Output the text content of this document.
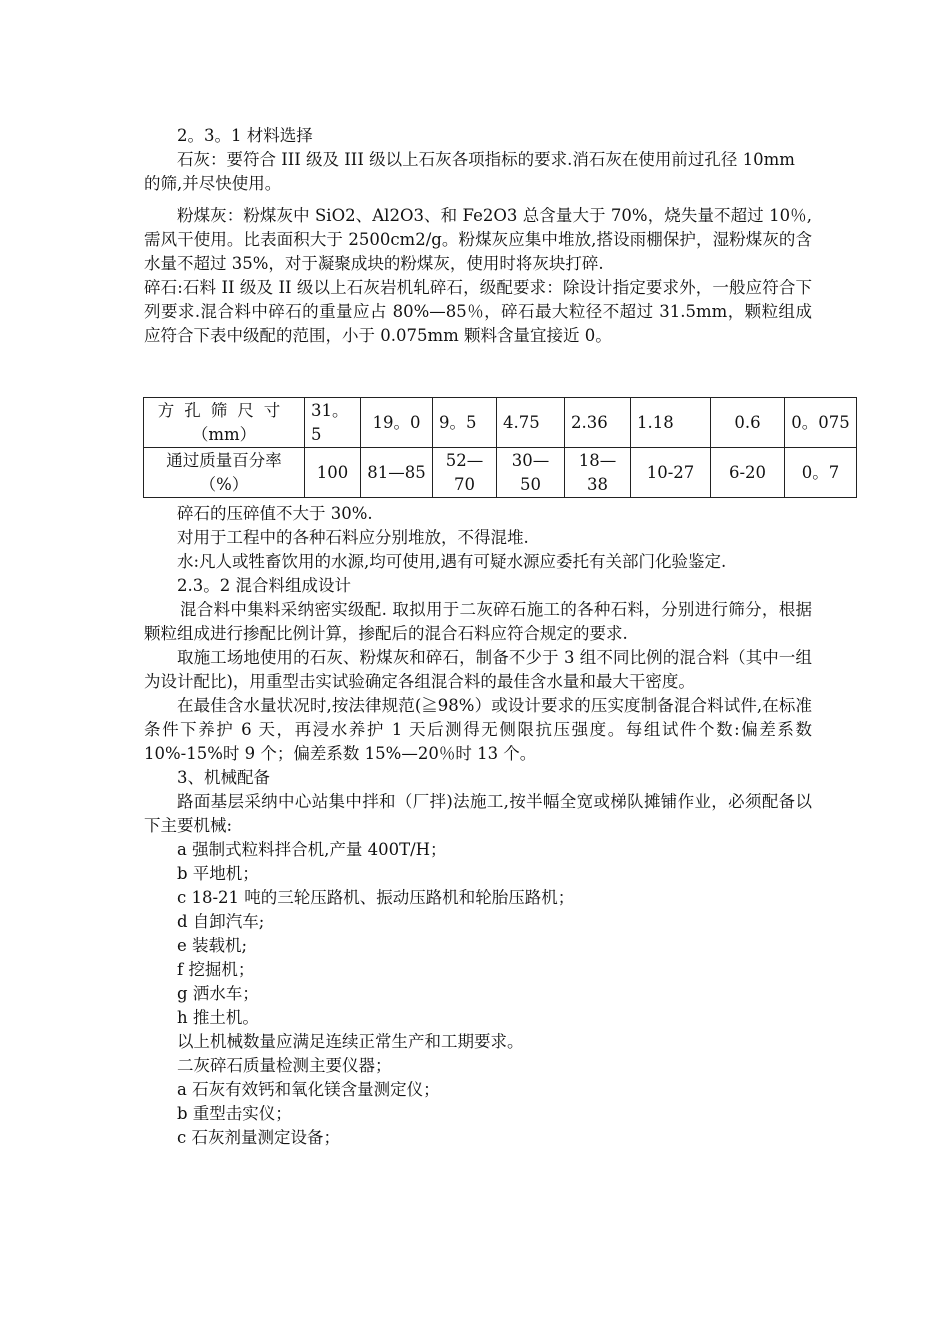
2。3。1 材料选择

石灰：要符合 III 级及 III 级以上石灰各项指标的要求.消石灰在使用前过孔径 10mm

的筛,并尽快使用。

粉煤灰：粉煤灰中 SiO2、Al2O3、和 Fe2O3 总含量大于 70%，烧失量不超过 10％,需风干使用。比表面积大于 2500cm2/g。粉煤灰应集中堆放,搭设雨棚保护，湿粉煤灰的含水量不超过 35%，对于凝聚成块的粉煤灰，使用时将灰块打碎.

碎石:石料 II 级及 II 级以上石灰岩机轧碎石，级配要求：除设计指定要求外，一般应符合下列要求.混合料中碎石的重量应占 80%—85％，碎石最大粒径不超过 31.5mm，颗粒组成应符合下表中级配的范围，小于 0.075mm 颗料含量宜接近 0。

方孔筛尺寸
（mm）	31。5	19。0	9。5	4.75	2.36	1.18	0.6	0。075

通过质量百分率
（%）	100	81—85	52—70	30—50	18—38	10-27	6-20	0。7

碎石的压碎值不大于 30%.

对用于工程中的各种石料应分别堆放，不得混堆.

水:凡人或牲畜饮用的水源,均可使用,遇有可疑水源应委托有关部门化验鉴定.

2.3。2 混合料组成设计

混合料中集料采纳密实级配. 取拟用于二灰碎石施工的各种石料，分别进行筛分，根据颗粒组成进行掺配比例计算，掺配后的混合石料应符合规定的要求.

取施工场地使用的石灰、粉煤灰和碎石，制备不少于 3 组不同比例的混合料（其中一组为设计配比)，用重型击实试验确定各组混合料的最佳含水量和最大干密度。

在最佳含水量状况时,按法律规范(≧98%）或设计要求的压实度制备混合料试件,在标准条件下养护 6 天，再浸水养护 1 天后测得无侧限抗压强度。每组试件个数:偏差系数 10%-15%时 9 个；偏差系数 15%—20％时 13 个。

3、机械配备

路面基层采纳中心站集中拌和（厂拌)法施工,按半幅全宽或梯队摊铺作业，必须配备以下主要机械:

a 强制式粒料拌合机,产量 400T/H；

b 平地机；

c 18-21 吨的三轮压路机、振动压路机和轮胎压路机；

d 自卸汽车;

e 装载机;

f 挖掘机；

g 洒水车；

h 推土机。

以上机械数量应满足连续正常生产和工期要求。

二灰碎石质量检测主要仪器；

a 石灰有效钙和氧化镁含量测定仪；

b 重型击实仪；

c 石灰剂量测定设备；
